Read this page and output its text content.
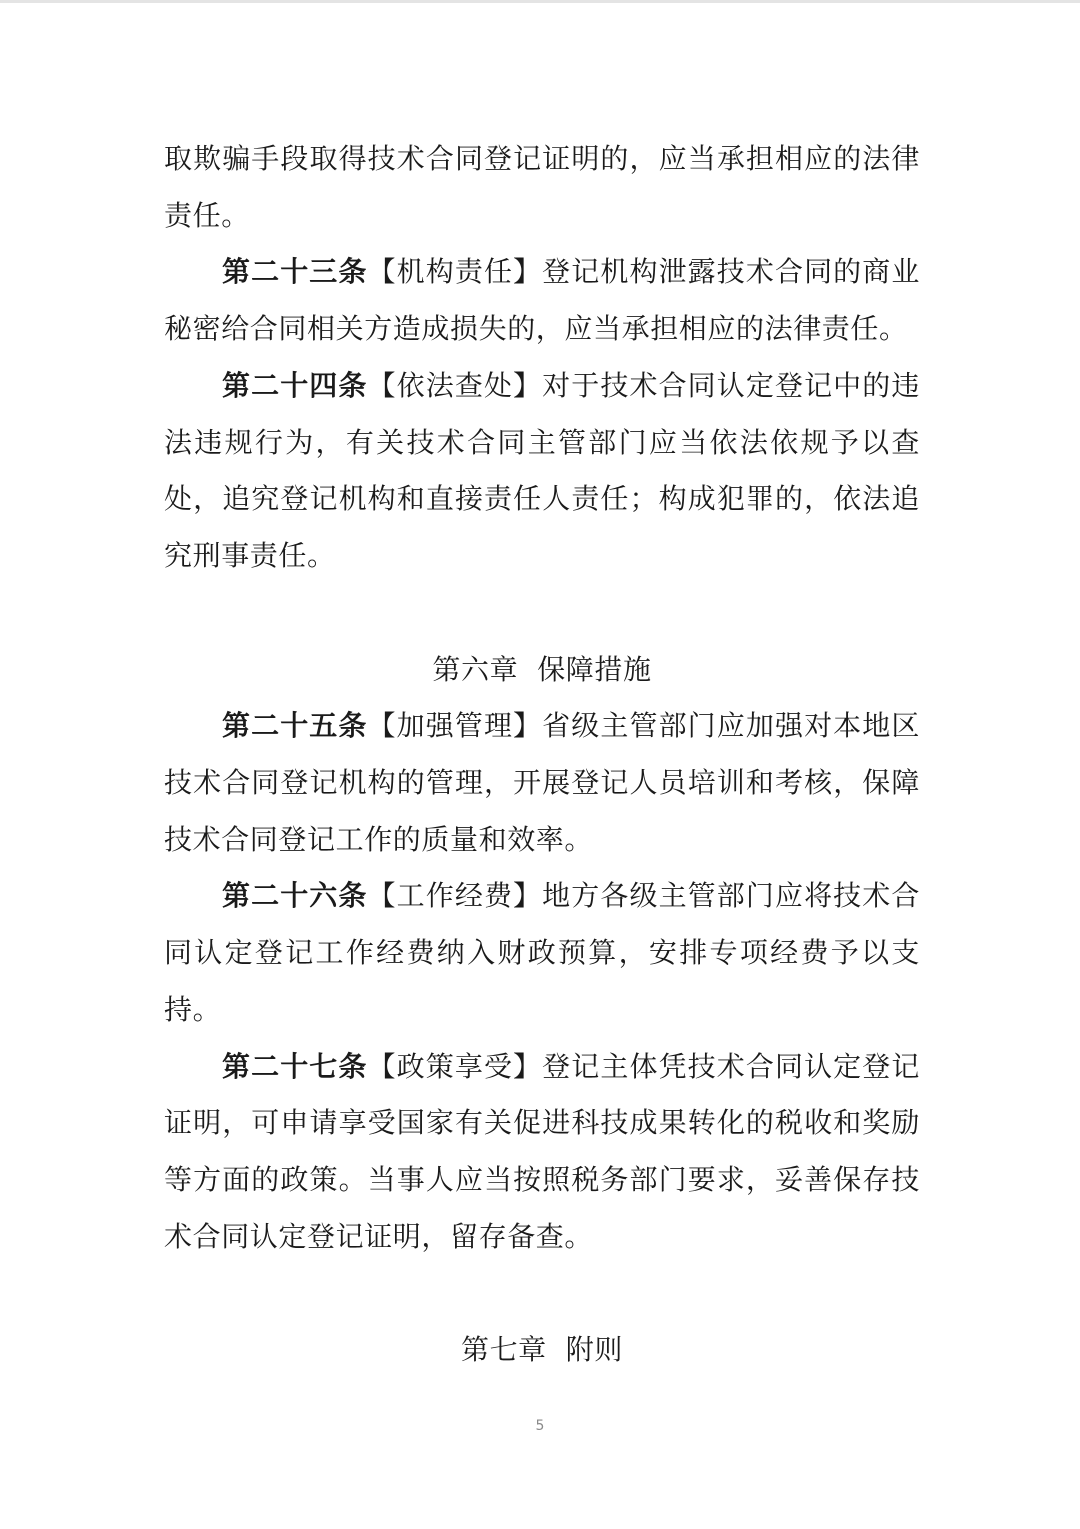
取欺骗手段取得技术合同登记证明的，应当承担相应的法律责任。

第二十三条【机构责任】登记机构泄露技术合同的商业秘密给合同相关方造成损失的，应当承担相应的法律责任。

第二十四条【依法查处】对于技术合同认定登记中的违法违规行为，有关技术合同主管部门应当依法依规予以查处，追究登记机构和直接责任人责任；构成犯罪的，依法追究刑事责任。

第六章  保障措施

第二十五条【加强管理】省级主管部门应加强对本地区技术合同登记机构的管理，开展登记人员培训和考核，保障技术合同登记工作的质量和效率。

第二十六条【工作经费】地方各级主管部门应将技术合同认定登记工作经费纳入财政预算，安排专项经费予以支持。

第二十七条【政策享受】登记主体凭技术合同认定登记证明，可申请享受国家有关促进科技成果转化的税收和奖励等方面的政策。当事人应当按照税务部门要求，妥善保存技术合同认定登记证明，留存备查。

第七章  附则

5
